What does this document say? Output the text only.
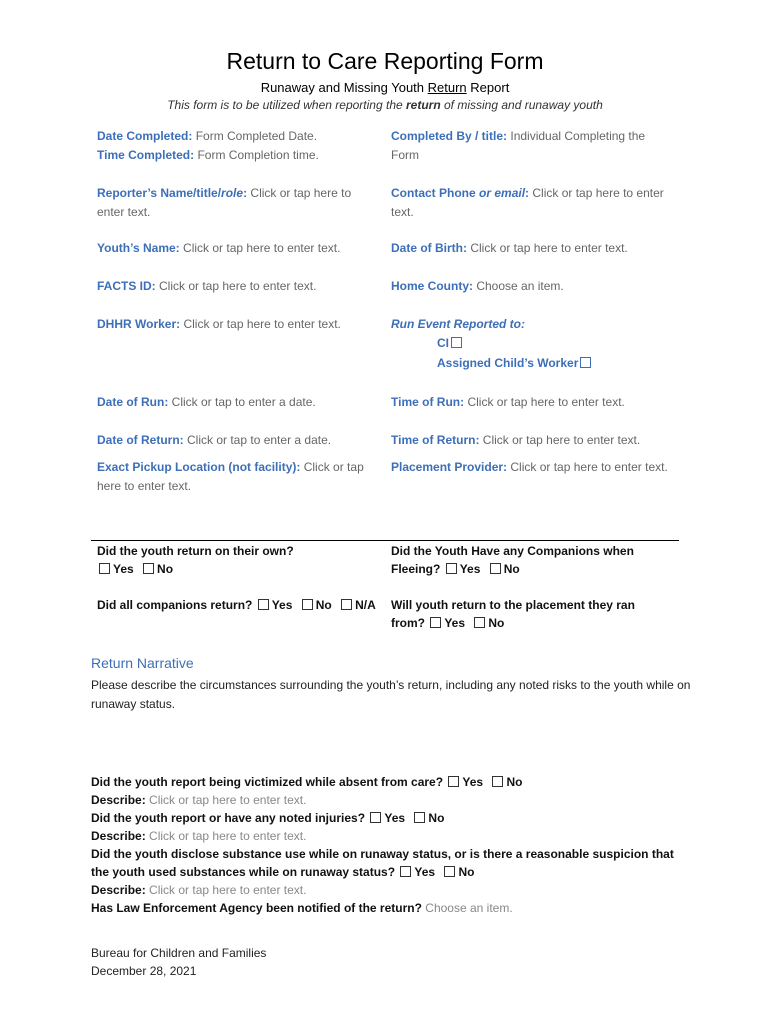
Return to Care Reporting Form
Runaway and Missing Youth Return Report
This form is to be utilized when reporting the return of missing and runaway youth
Date Completed: Form Completed Date.
Time Completed: Form Completion time.
Completed By / title: Individual Completing the Form
Reporter’s Name/title/role: Click or tap here to enter text.
Contact Phone or email: Click or tap here to enter text.
Youth’s Name: Click or tap here to enter text.	Date of Birth: Click or tap here to enter text.
FACTS ID: Click or tap here to enter text.	Home County: Choose an item.
DHHR Worker: Click or tap here to enter text.	Run Event Reported to:
CI
Assigned Child’s Worker
Date of Run: Click or tap to enter a date.	Time of Run: Click or tap here to enter text.
Date of Return: Click or tap to enter a date.	Time of Return: Click or tap here to enter text.
Exact Pickup Location (not facility): Click or tap here to enter text.
Placement Provider: Click or tap here to enter text.
Did the youth return on their own?
Yes No
Did the Youth Have any Companions when Fleeing? Yes No
Did all companions return? Yes No N/A	Will youth return to the placement they ran from? Yes No
Return Narrative
Please describe the circumstances surrounding the youth’s return, including any noted risks to the youth while on runaway status.
Did the youth report being victimized while absent from care? Yes No
Describe: Click or tap here to enter text.
Did the youth report or have any noted injuries? Yes No
Describe: Click or tap here to enter text.
Did the youth disclose substance use while on runaway status, or is there a reasonable suspicion that the youth used substances while on runaway status? Yes No
Describe: Click or tap here to enter text.
Has Law Enforcement Agency been notified of the return? Choose an item.
Bureau for Children and Families
December 28, 2021
